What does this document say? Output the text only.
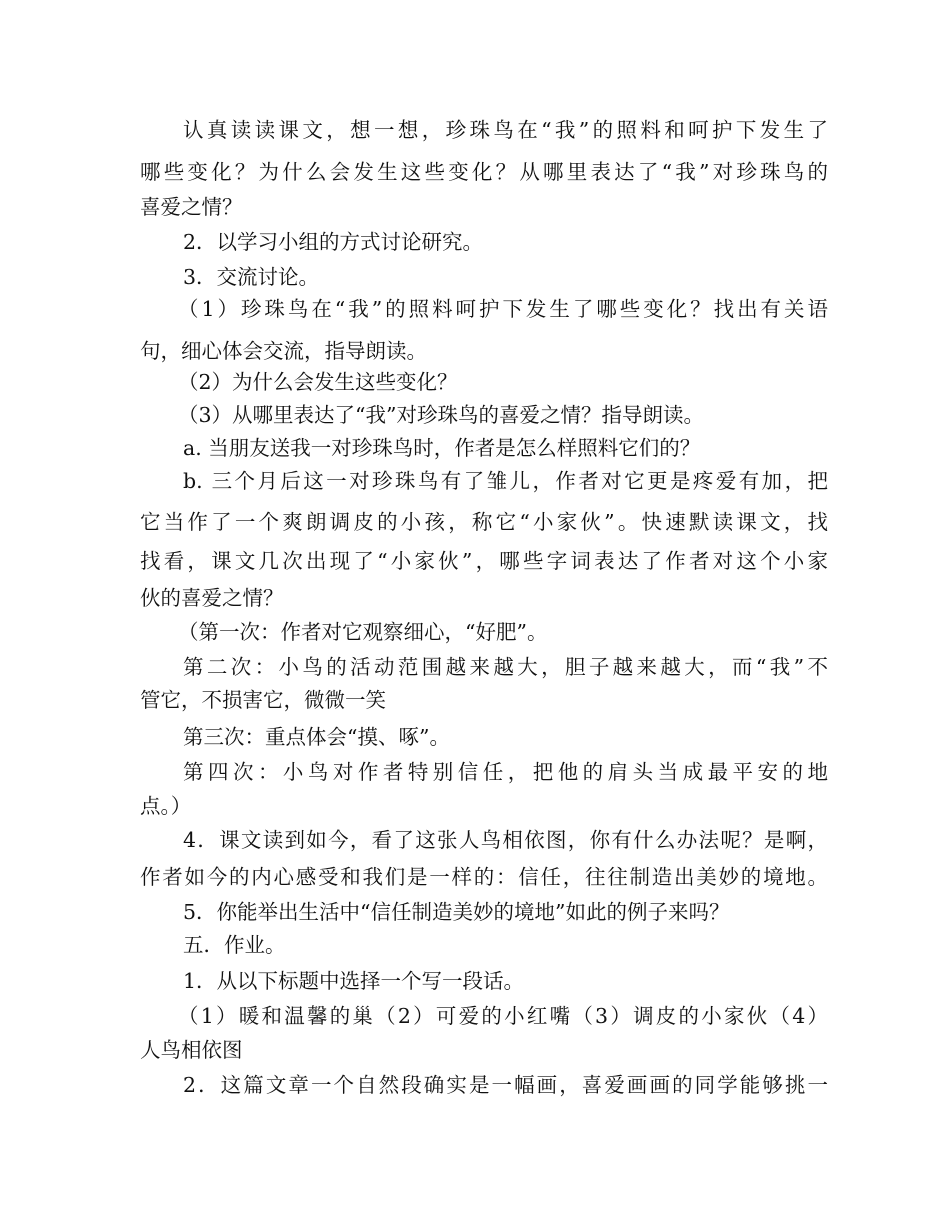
认真读读课文，想一想，珍珠鸟在“我”的照料和呵护下发生了

哪些变化？为什么会发生这些变化？从哪里表达了“我”对珍珠鸟的

喜爱之情？

2．以学习小组的方式讨论研究。

3．交流讨论。

（1）珍珠鸟在“我”的照料呵护下发生了哪些变化？找出有关语

句，细心体会交流，指导朗读。

（2）为什么会发生这些变化？

（3）从哪里表达了“我”对珍珠鸟的喜爱之情？指导朗读。

a. 当朋友送我一对珍珠鸟时，作者是怎么样照料它们的？

b. 三个月后这一对珍珠鸟有了雏儿，作者对它更是疼爱有加，把

它当作了一个爽朗调皮的小孩，称它“小家伙”。快速默读课文，找

找看，课文几次出现了“小家伙”，哪些字词表达了作者对这个小家

伙的喜爱之情？

（第一次：作者对它观察细心，“好肥”。

第二次：小鸟的活动范围越来越大，胆子越来越大，而“我”不

管它，不损害它，微微一笑

第三次：重点体会“摸、啄”。

第四次：小鸟对作者特别信任，把他的肩头当成最平安的地

点。）

4．课文读到如今，看了这张人鸟相依图，你有什么办法呢？是啊，

作者如今的内心感受和我们是一样的：信任，往往制造出美妙的境地。

5．你能举出生活中“信任制造美妙的境地”如此的例子来吗？

五．作业。

1．从以下标题中选择一个写一段话。

（1）暖和温馨的巢（2）可爱的小红嘴（3）调皮的小家伙（4）

人鸟相依图

2．这篇文章一个自然段确实是一幅画，喜爱画画的同学能够挑一
